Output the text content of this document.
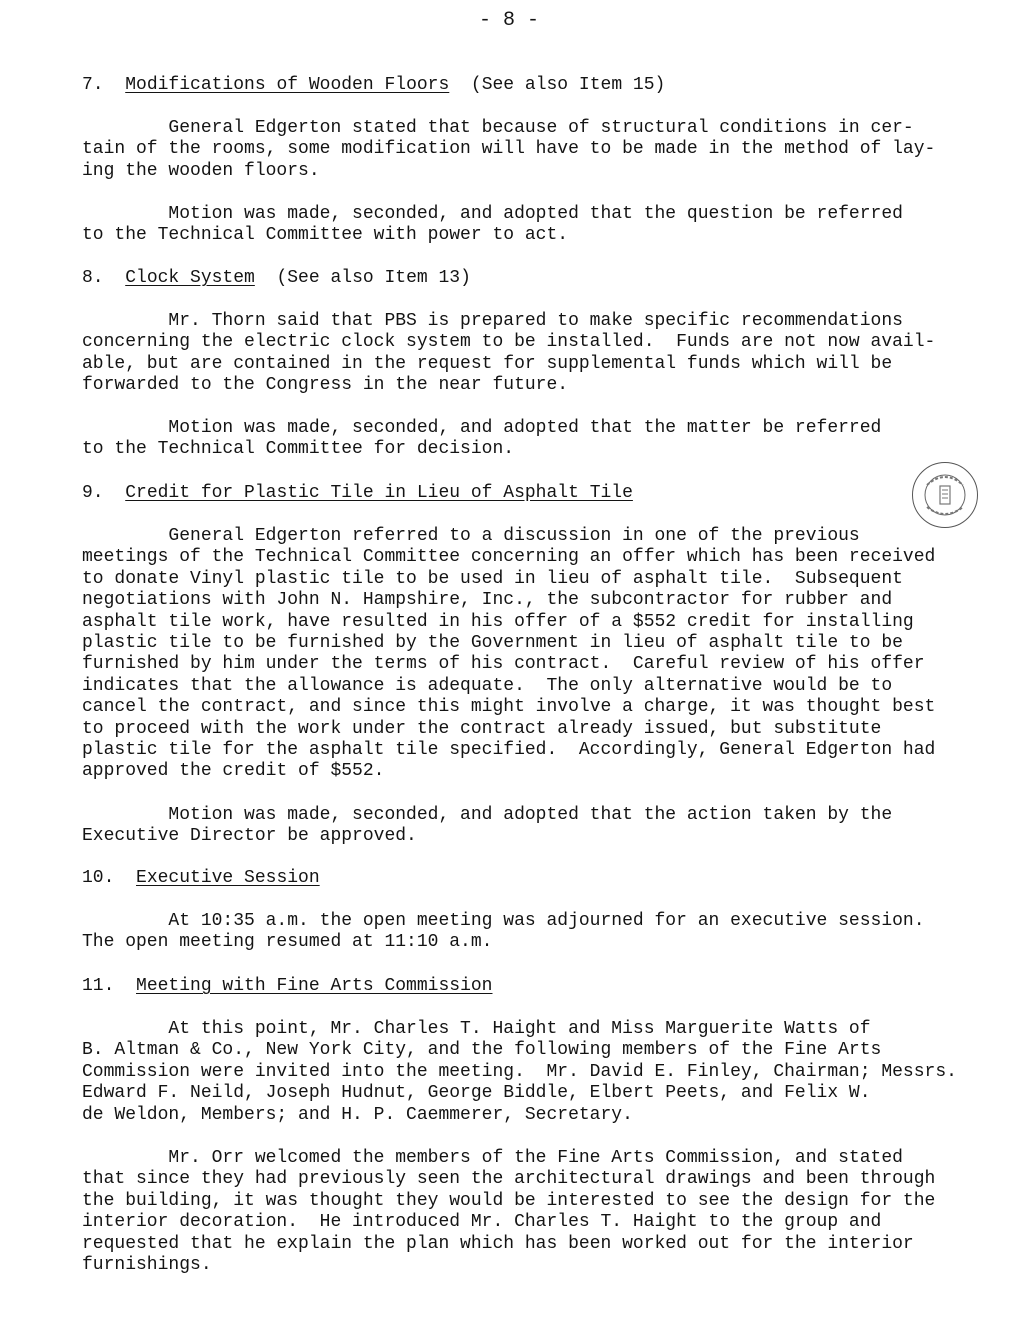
- 8 -
7. Modifications of Wooden Floors (See also Item 15)

General Edgerton stated that because of structural conditions in cer-
tain of the rooms, some modification will have to be made in the method of lay-
ing the wooden floors.

Motion was made, seconded, and adopted that the question be referred
to the Technical Committee with power to act.

8. Clock System (See also Item 13)

Mr. Thorn said that PBS is prepared to make specific recommendations
concerning the electric clock system to be installed.  Funds are not now avail-
able, but are contained in the request for supplemental funds which will be
forwarded to the Congress in the near future.

Motion was made, seconded, and adopted that the matter be referred
to the Technical Committee for decision.

9. Credit for Plastic Tile in Lieu of Asphalt Tile

General Edgerton referred to a discussion in one of the previous
meetings of the Technical Committee concerning an offer which has been received
to donate Vinyl plastic tile to be used in lieu of asphalt tile.  Subsequent
negotiations with John N. Hampshire, Inc., the subcontractor for rubber and
asphalt tile work, have resulted in his offer of a $552 credit for installing
plastic tile to be furnished by the Government in lieu of asphalt tile to be
furnished by him under the terms of his contract.  Careful review of his offer
indicates that the allowance is adequate.  The only alternative would be to
cancel the contract, and since this might involve a charge, it was thought best
to proceed with the work under the contract already issued, but substitute
plastic tile for the asphalt tile specified.  Accordingly, General Edgerton had
approved the credit of $552.

Motion was made, seconded, and adopted that the action taken by the
Executive Director be approved.

10. Executive Session

At 10:35 a.m. the open meeting was adjourned for an executive session.
The open meeting resumed at 11:10 a.m.

11. Meeting with Fine Arts Commission

At this point, Mr. Charles T. Haight and Miss Marguerite Watts of
B. Altman & Co., New York City, and the following members of the Fine Arts
Commission were invited into the meeting.  Mr. David E. Finley, Chairman; Messrs.
Edward F. Neild, Joseph Hudnut, George Biddle, Elbert Peets, and Felix W.
de Weldon, Members; and H. P. Caemmerer, Secretary.

Mr. Orr welcomed the members of the Fine Arts Commission, and stated
that since they had previously seen the architectural drawings and been through
the building, it was thought they would be interested to see the design for the
interior decoration.  He introduced Mr. Charles T. Haight to the group and
requested that he explain the plan which has been worked out for the interior
furnishings.
